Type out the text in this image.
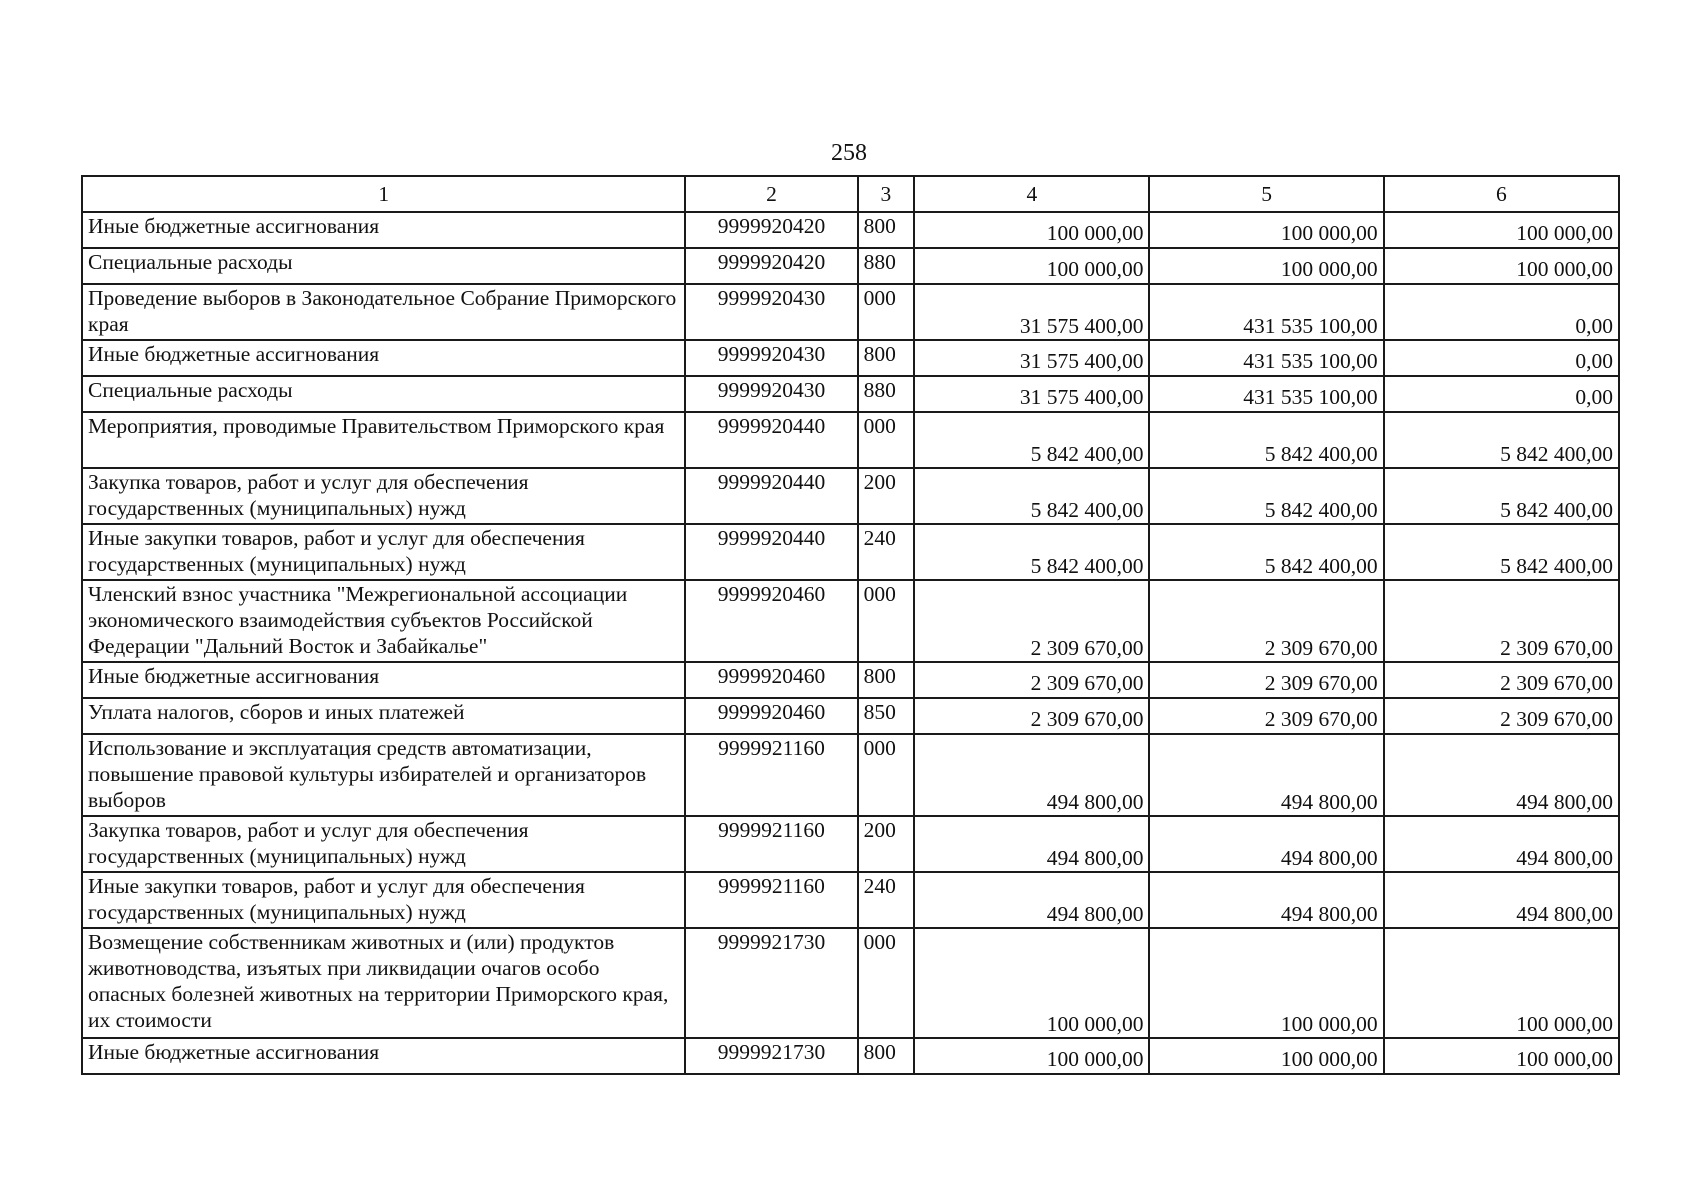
258
1	2	3	4	5	6
Иные бюджетные ассигнования	9999920420	800	100 000,00	100 000,00	100 000,00
Специальные расходы	9999920420	880	100 000,00	100 000,00	100 000,00
Проведение выборов в Законодательное Собрание Приморского края	9999920430	000	31 575 400,00	431 535 100,00	0,00
Иные бюджетные ассигнования	9999920430	800	31 575 400,00	431 535 100,00	0,00
Специальные расходы	9999920430	880	31 575 400,00	431 535 100,00	0,00
Мероприятия, проводимые Правительством Приморского края	9999920440	000	5 842 400,00	5 842 400,00	5 842 400,00
Закупка товаров, работ и услуг для обеспечения государственных (муниципальных) нужд	9999920440	200	5 842 400,00	5 842 400,00	5 842 400,00
Иные закупки товаров, работ и услуг для обеспечения государственных (муниципальных) нужд	9999920440	240	5 842 400,00	5 842 400,00	5 842 400,00
Членский взнос участника "Межрегиональной ассоциации экономического взаимодействия субъектов Российской Федерации "Дальний Восток и Забайкалье"	9999920460	000	2 309 670,00	2 309 670,00	2 309 670,00
Иные бюджетные ассигнования	9999920460	800	2 309 670,00	2 309 670,00	2 309 670,00
Уплата налогов, сборов и иных платежей	9999920460	850	2 309 670,00	2 309 670,00	2 309 670,00
Использование и эксплуатация средств автоматизации, повышение правовой культуры избирателей и организаторов выборов	9999921160	000	494 800,00	494 800,00	494 800,00
Закупка товаров, работ и услуг для обеспечения государственных (муниципальных) нужд	9999921160	200	494 800,00	494 800,00	494 800,00
Иные закупки товаров, работ и услуг для обеспечения государственных (муниципальных) нужд	9999921160	240	494 800,00	494 800,00	494 800,00
Возмещение собственникам животных и (или) продуктов животноводства, изъятых при ликвидации очагов особо опасных болезней животных на территории Приморского края, их стоимости	9999921730	000	100 000,00	100 000,00	100 000,00
Иные бюджетные ассигнования	9999921730	800	100 000,00	100 000,00	100 000,00
